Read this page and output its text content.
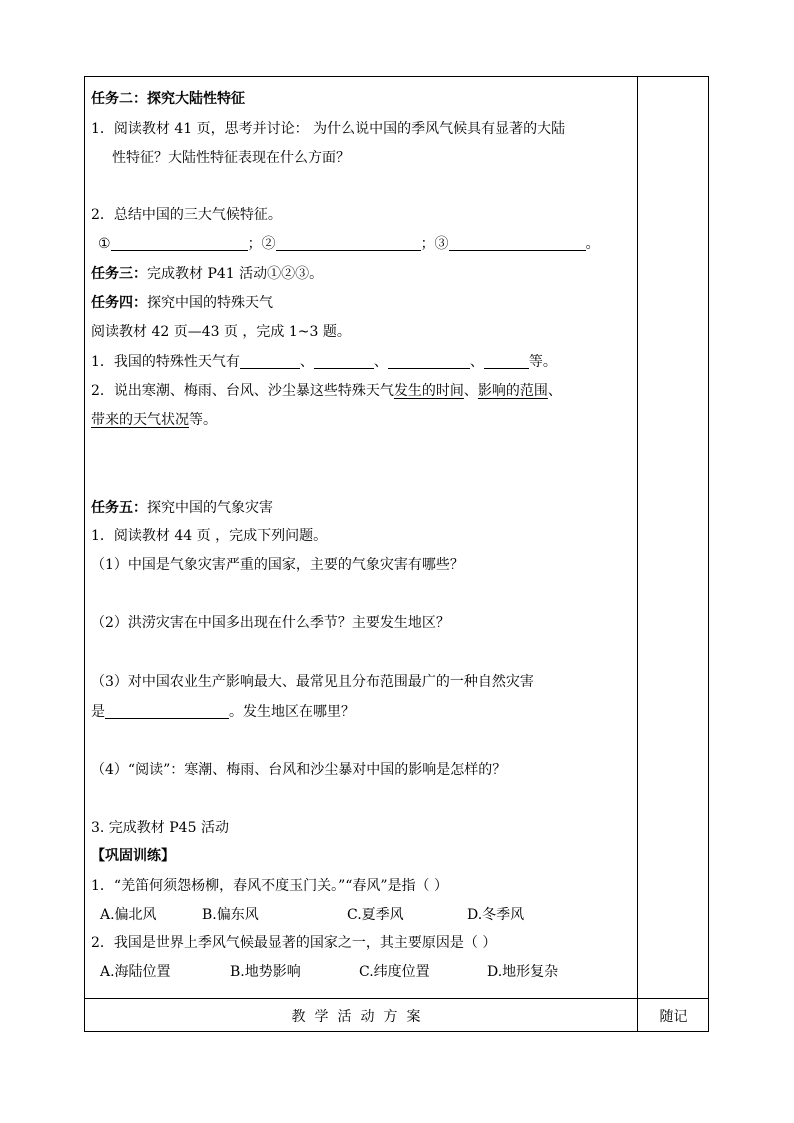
任务二：探究大陆性特征
1．阅读教材 41 页，思考并讨论： 为什么说中国的季风气候具有显著的大陆
性特征？大陆性特征表现在什么方面？
2．总结中国的三大气候特征。
①	；②	；③	。
任务三：完成教材 P41 活动①②③。
任务四：探究中国的特殊天气
阅读教材 42 页—43 页 ，完成 1~3 题。
1．我国的特殊性天气有	、	、	、	等。
2．说出寒潮、梅雨、台风、沙尘暴这些特殊天气发生的时间、影响的范围、
带来的天气状况等。
任务五：探究中国的气象灾害
1．阅读教材 44 页 ，完成下列问题。
（1）中国是气象灾害严重的国家，主要的气象灾害有哪些？
（2）洪涝灾害在中国多出现在什么季节？主要发生地区？
（3）对中国农业生产影响最大、最常见且分布范围最广的一种自然灾害
是	。发生地区在哪里？
（4）“阅读”：寒潮、梅雨、台风和沙尘暴对中国的影响是怎样的？
3. 完成教材 P45 活动
【巩固训练】
1．“羌笛何须怨杨柳，春风不度玉门关。”“春风”是指（ ）
A.偏北风	B.偏东风	C.夏季风	D.冬季风
2．我国是世界上季风气候最显著的国家之一，其主要原因是（ ）
A.海陆位置	B.地势影响	C.纬度位置	D.地形复杂
教学活动方案	随记
